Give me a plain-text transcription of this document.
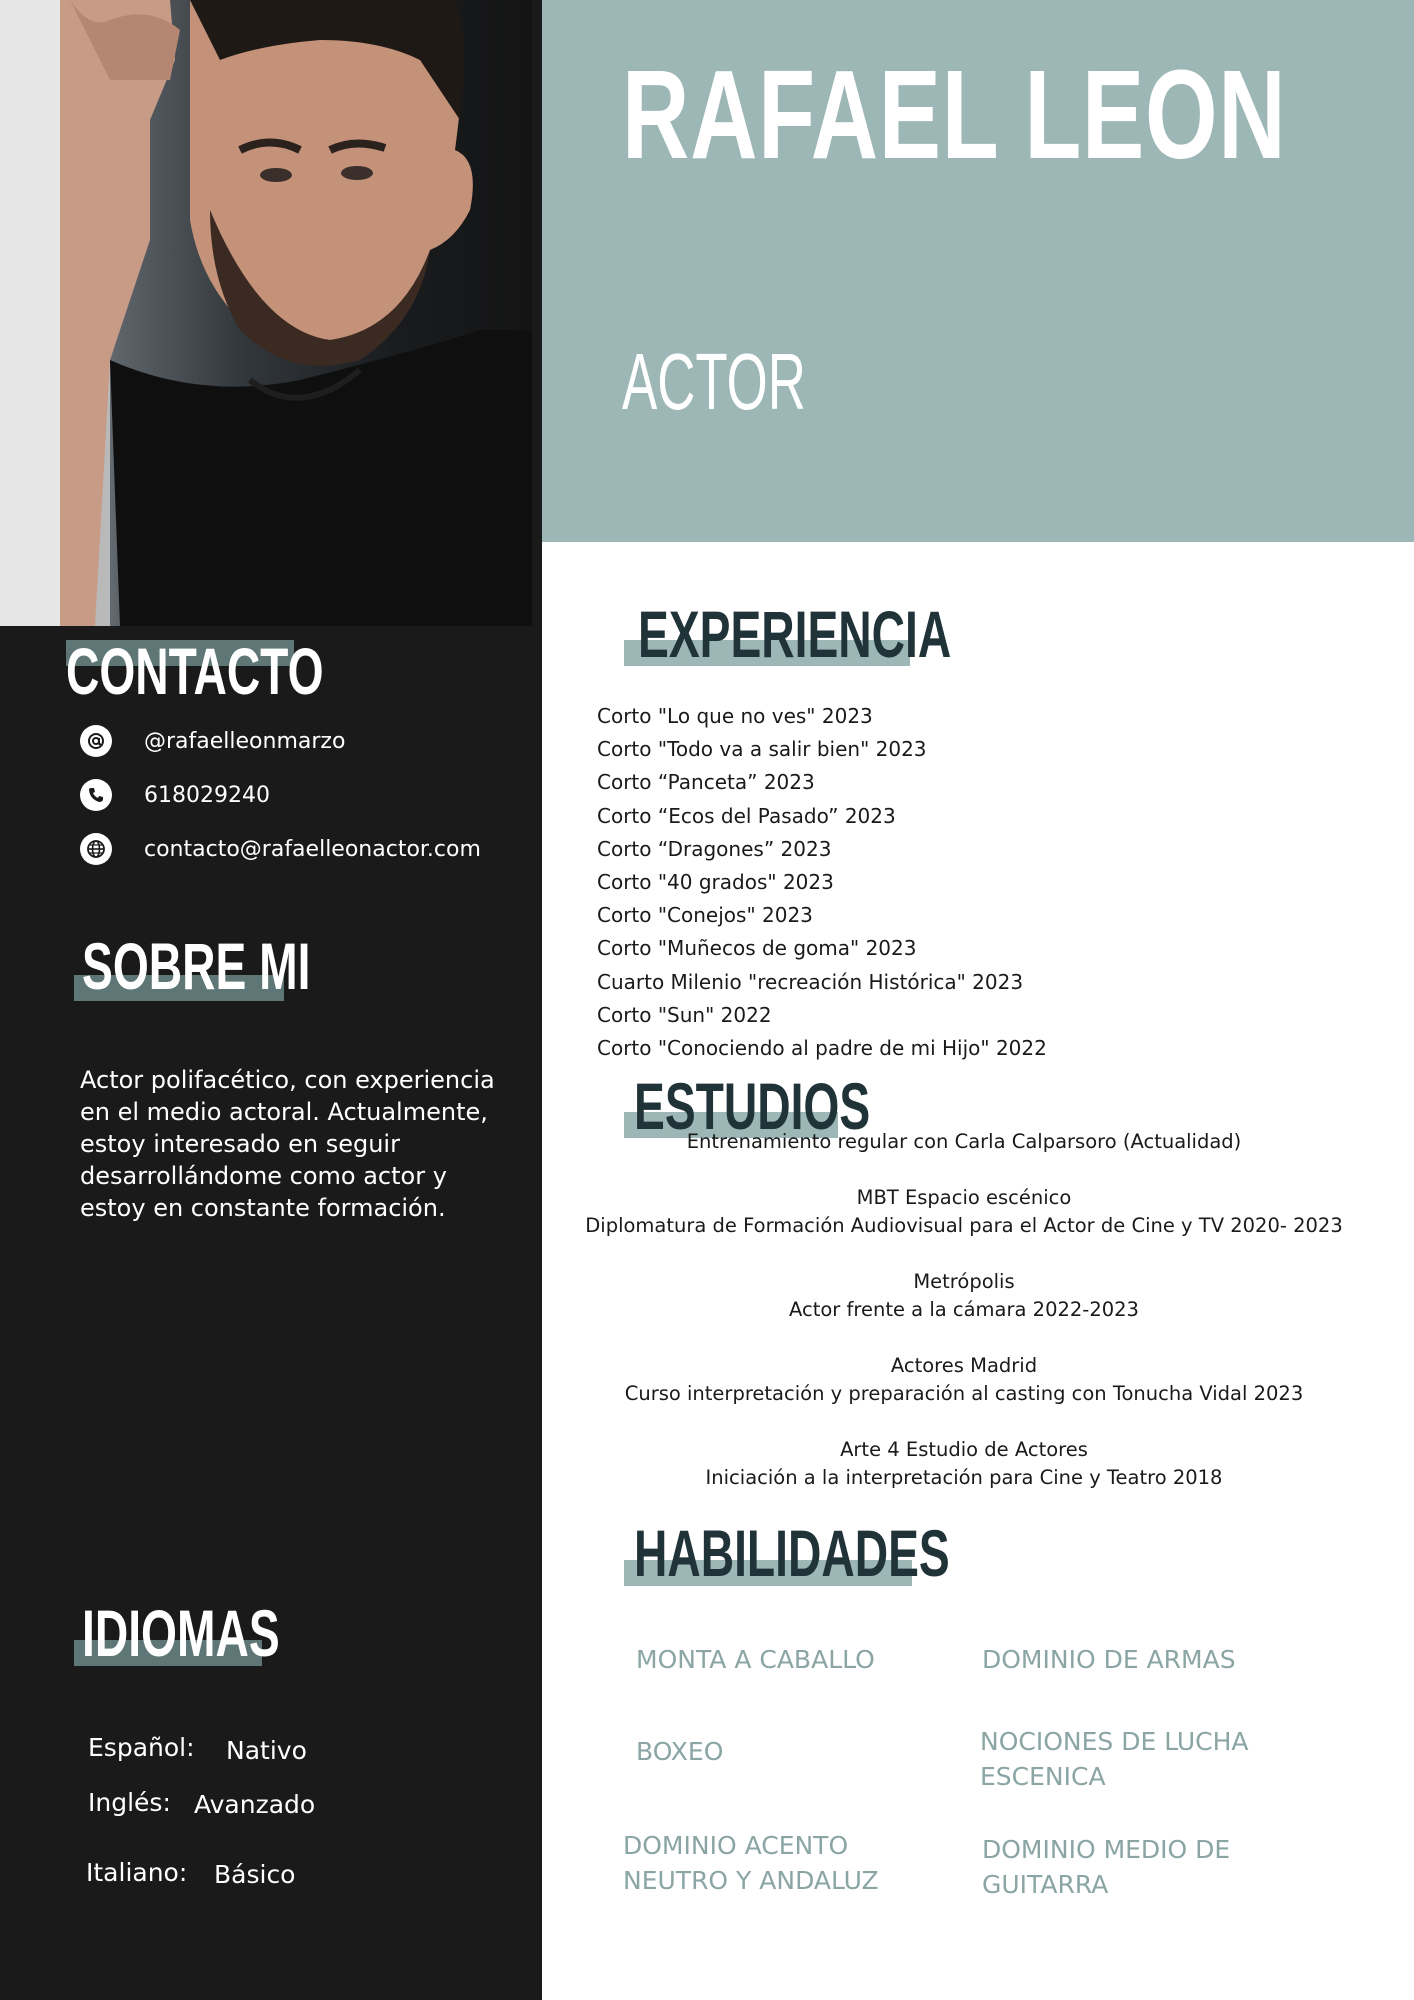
RAFAEL LEON
ACTOR
CONTACTO
@rafaelleonmarzo
618029240
contacto@rafaelleonactor.com
SOBRE MI

Actor polifacético, con experiencia en el medio actoral. Actualmente, estoy interesado en seguir desarrollándome como actor y estoy en constante formación.

IDIOMAS
Español: Nativo
Inglés: Avanzado
Italiano: Básico
EXPERIENCIA
Corto "Lo que no ves" 2023
Corto "Todo va a salir bien" 2023
Corto “Panceta” 2023
Corto “Ecos del Pasado” 2023
Corto “Dragones” 2023
Corto "40 grados" 2023
Corto "Conejos" 2023
Corto "Muñecos de goma" 2023
Cuarto Milenio "recreación Histórica" 2023
Corto "Sun" 2022
Corto "Conociendo al padre de mi Hijo" 2022
ESTUDIOS
Entrenamiento regular con Carla Calparsoro (Actualidad)
MBT Espacio escénico
Diplomatura de Formación Audiovisual para el Actor de Cine y TV 2020- 2023
Metrópolis
Actor frente a la cámara 2022-2023
Actores Madrid
Curso interpretación y preparación al casting con Tonucha Vidal 2023
Arte 4 Estudio de Actores
Iniciación a la interpretación para Cine y Teatro 2018
HABILIDADES
MONTA A CABALLO	DOMINIO DE ARMAS
BOXEO	NOCIONES DE LUCHA ESCENICA
DOMINIO ACENTO NEUTRO Y ANDALUZ
DOMINIO MEDIO DE GUITARRA
